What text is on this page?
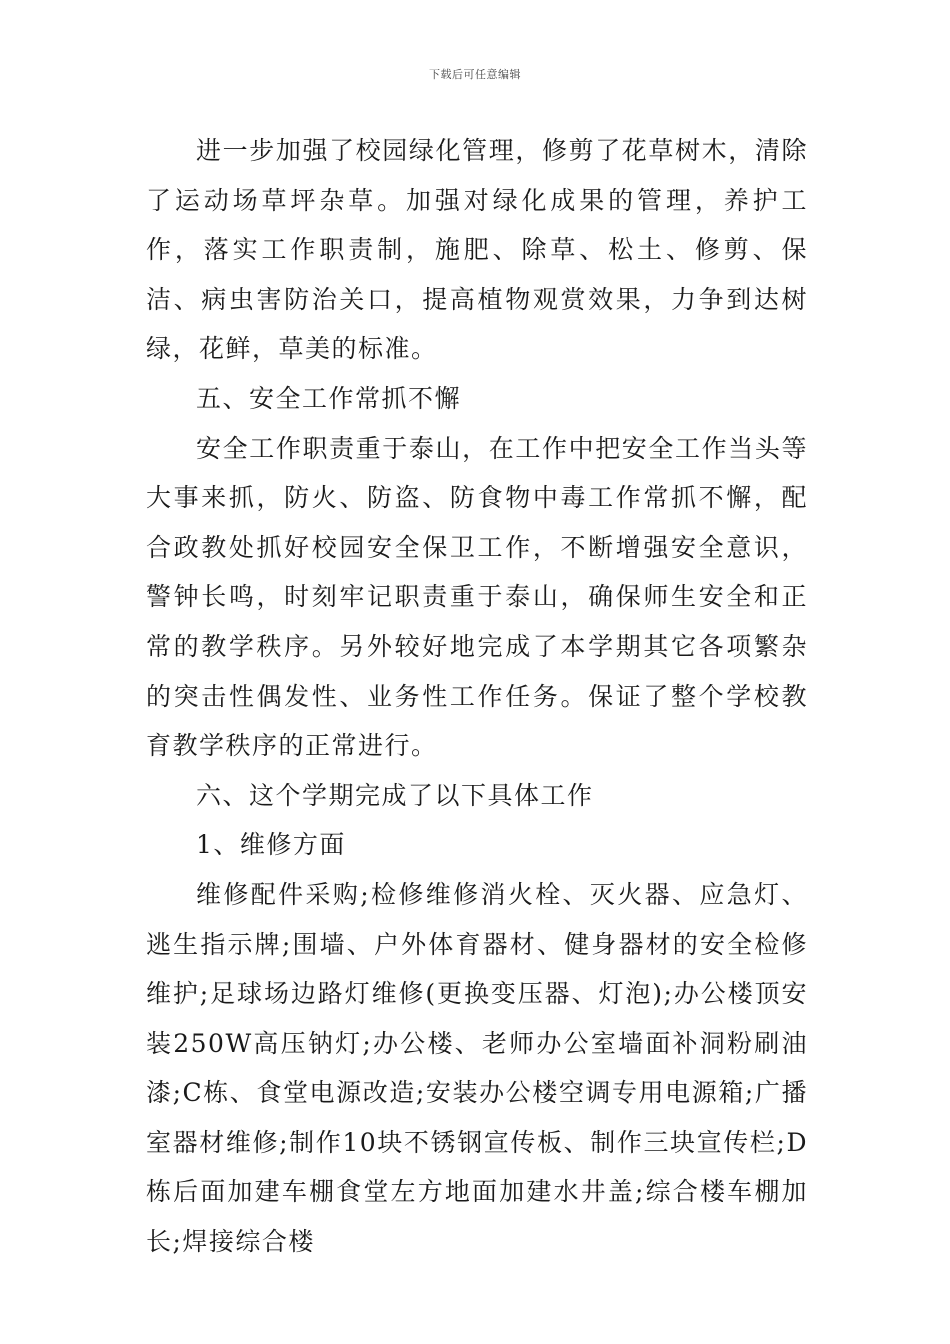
下载后可任意编辑

进一步加强了校园绿化管理，修剪了花草树木，清除了运动场草坪杂草。加强对绿化成果的管理，养护工作，落实工作职责制，施肥、除草、松土、修剪、保洁、病虫害防治关口，提高植物观赏效果，力争到达树绿，花鲜，草美的标准。

五、安全工作常抓不懈

安全工作职责重于泰山，在工作中把安全工作当头等大事来抓，防火、防盗、防食物中毒工作常抓不懈，配合政教处抓好校园安全保卫工作，不断增强安全意识，警钟长鸣，时刻牢记职责重于泰山，确保师生安全和正常的教学秩序。另外较好地完成了本学期其它各项繁杂的突击性偶发性、业务性工作任务。保证了整个学校教育教学秩序的正常进行。

六、这个学期完成了以下具体工作

1、维修方面

维修配件采购;检修维修消火栓、灭火器、应急灯、逃生指示牌;围墙、户外体育器材、健身器材的安全检修维护;足球场边路灯维修(更换变压器、灯泡);办公楼顶安装250W高压钠灯;办公楼、老师办公室墙面补洞粉刷油漆;C栋、食堂电源改造;安装办公楼空调专用电源箱;广播室器材维修;制作10块不锈钢宣传板、制作三块宣传栏;D栋后面加建车棚食堂左方地面加建水井盖;综合楼车棚加长;焊接综合楼
